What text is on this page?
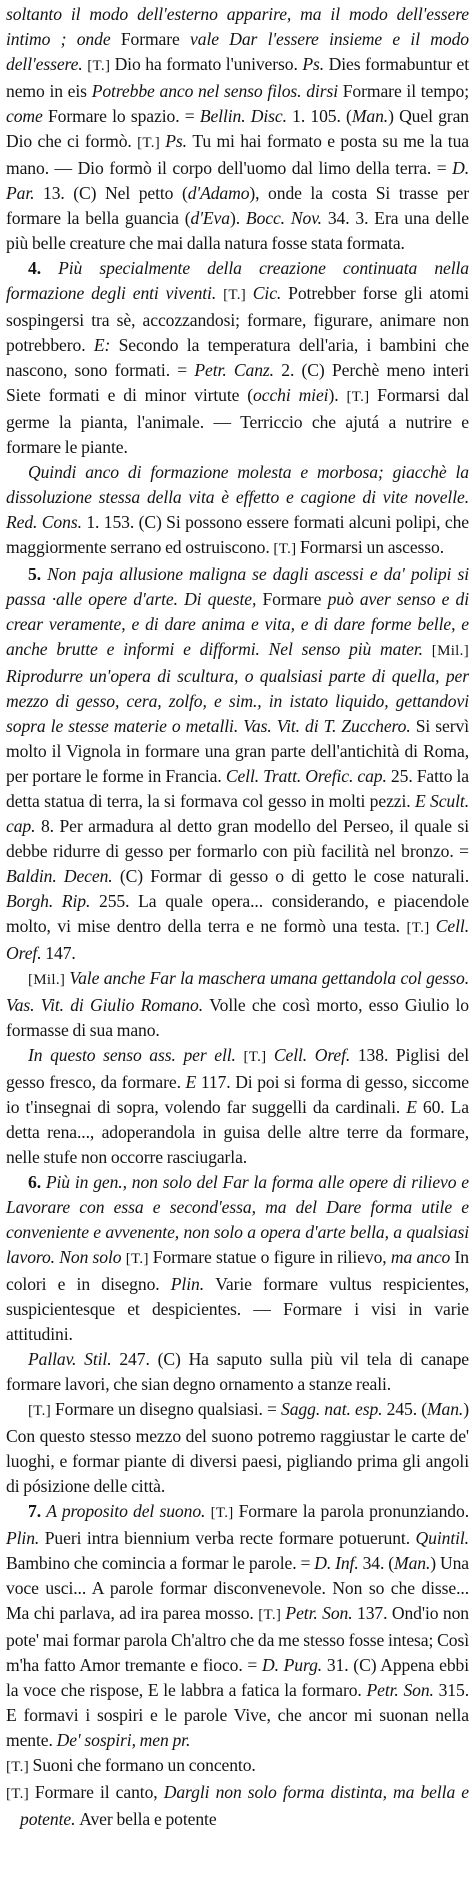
soltanto il modo dell'esterno apparire, ma il modo dell'essere intimo ; onde Formare vale Dar l'essere insieme e il modo dell'essere. [T.] Dio ha formato l'universo. Ps. Dies formabuntur et nemo in eis Potrebbe anco nel senso filos. dirsi Formare il tempo; come Formare lo spazio. = Bellin. Disc. 1. 105. (Man.) Quel gran Dio che ci formò. [T.] Ps. Tu mi hai formato e posta su me la tua mano. — Dio formò il corpo dell'uomo dal limo della terra. = D. Par. 13. (C) Nel petto (d'Adamo), onde la costa Si trasse per formare la bella guancia (d'Eva). Bocc. Nov. 34. 3. Era una delle più belle creature che mai dalla natura fosse stata formata.

4. Più specialmente della creazione continuata nella formazione degli enti viventi. [T.] Cic. Potrebber forse gli atomi sospingersi tra sè, accozzandosi; formare, figurare, animare non potrebbero. E: Secondo la temperatura dell'aria, i bambini che nascono, sono formati. = Petr. Canz. 2. (C) Perchè meno interi Siete formati e di minor virtute (occhi miei). [T.] Formarsi dal germe la pianta, l'animale. — Terriccio che ajutá a nutrire e formare le piante.

Quindi anco di formazione molesta e morbosa; giacchè la dissoluzione stessa della vita è effetto e cagione di vite novelle. Red. Cons. 1. 153. (C) Si possono essere formati alcuni polipi, che maggiormente serrano ed ostruiscono. [T.] Formarsi un ascesso.

5. Non paja allusione maligna se dagli ascessi e da' polipi si passa ·alle opere d'arte. Di queste, Formare può aver senso e di crear veramente, e di dare anima e vita, e di dare forme belle, e anche brutte e informi e difformi. Nel senso più mater. [Mil.] Riprodurre un'opera di scultura, o qualsiasi parte di quella, per mezzo di gesso, cera, zolfo, e sim., in istato liquido, gettandovi sopra le stesse materie o metalli. Vas. Vit. di T. Zucchero. Si servì molto il Vignola in formare una gran parte dell'antichità di Roma, per portare le forme in Francia. Cell. Tratt. Orefic. cap. 25. Fatto la detta statua di terra, la si formava col gesso in molti pezzi. E Scult. cap. 8. Per armadura al detto gran modello del Perseo, il quale si debbe ridurre di gesso per formarlo con più facilità nel bronzo. = Baldin. Decen. (C) Formar di gesso o di getto le cose naturali. Borgh. Rip. 255. La quale opera... considerando, e piacendole molto, vi mise dentro della terra e ne formò una testa. [T.] Cell. Oref. 147.

[Mil.] Vale anche Far la maschera umana gettandola col gesso. Vas. Vit. di Giulio Romano. Volle che così morto, esso Giulio lo formasse di sua mano.

In questo senso ass. per ell. [T.] Cell. Oref. 138. Piglisi del gesso fresco, da formare. E 117. Di poi si forma di gesso, siccome io t'insegnai di sopra, volendo far suggelli da cardinali. E 60. La detta rena..., adoperandola in guisa delle altre terre da formare, nelle stufe non occorre rasciugarla.

6. Più in gen., non solo del Far la forma alle opere di rilievo e Lavorare con essa e second'essa, ma del Dare forma utile e conveniente e avvenente, non solo a opera d'arte bella, a qualsiasi lavoro. Non solo [T.] Formare statue o figure in rilievo, ma anco In colori e in disegno. Plin. Varie formare vultus respicientes, suspicientesque et despicientes. — Formare i visi in varie attitudini.

Pallav. Stil. 247. (C) Ha saputo sulla più vil tela di canape formare lavori, che sian degno ornamento a stanze reali.

[T.] Formare un disegno qualsiasi. = Sagg. nat. esp. 245. (Man.) Con questo stesso mezzo del suono potremo raggiustar le carte de' luoghi, e formar piante di diversi paesi, pigliando prima gli angoli di pósizione delle città.

7. A proposito del suono. [T.] Formare la parola pronunziando. Plin. Pueri intra biennium verba recte formare potuerunt. Quintil. Bambino che comincia a formar le parole. = D. Inf. 34. (Man.) Una voce usci... A parole formar disconvenevole. Non so che disse... Ma chi parlava, ad ira parea mosso. [T.] Petr. Son. 137. Ond'io non pote' mai formar parola Ch'altro che da me stesso fosse intesa; Così m'ha fatto Amor tremante e fioco. = D. Purg. 31. (C) Appena ebbi la voce che rispose, E le labbra a fatica la formaro. Petr. Son. 315. E formavi i sospiri e le parole Vive, che ancor mi suonan nella mente. De' sospiri, men pr.

[T.] Suoni che formano un concento.

[T.] Formare il canto, Dargli non solo forma distinta, ma bella e potente. Aver bella e potente
